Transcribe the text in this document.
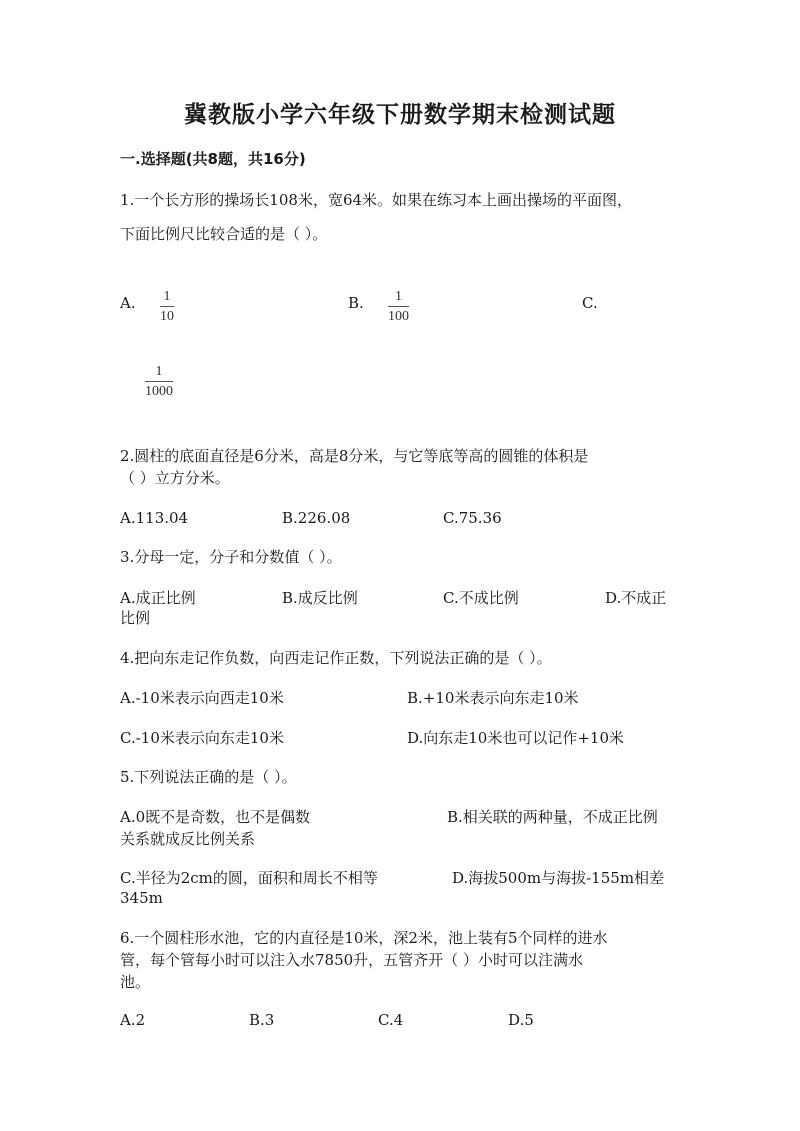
冀教版小学六年级下册数学期末检测试题
一.选择题(共8题，共16分)
1.一个长方形的操场长108米，宽64米。如果在练习本上画出操场的平面图，
下面比例尺比较合适的是（ ）。
A. 1
10
B. 1
100
C.
1
1000
2.圆柱的底面直径是6分米，高是8分米，与它等底等高的圆锥的体积是
（ ）立方分米。
A.113.04	B.226.08	C.75.36
3.分母一定，分子和分数值（ ）。
A.成正比例	B.成反比例	C.不成比例	D.不成正
比例
4.把向东走记作负数，向西走记作正数，下列说法正确的是（ ）。
A.-10米表示向西走10米	B.+10米表示向东走10米
C.-10米表示向东走10米	D.向东走10米也可以记作+10米
5.下列说法正确的是（ ）。
A.0既不是奇数，也不是偶数	B.相关联的两种量，不成正比例
关系就成反比例关系
C.半径为2cm的圆，面积和周长不相等	D.海拔500m与海拔-155m相差
345m
6.一个圆柱形水池，它的内直径是10米，深2米，池上装有5个同样的进水
管，每个管每小时可以注入水7850升，五管齐开（ ）小时可以注满水
池。
A.2	B.3	C.4	D.5
